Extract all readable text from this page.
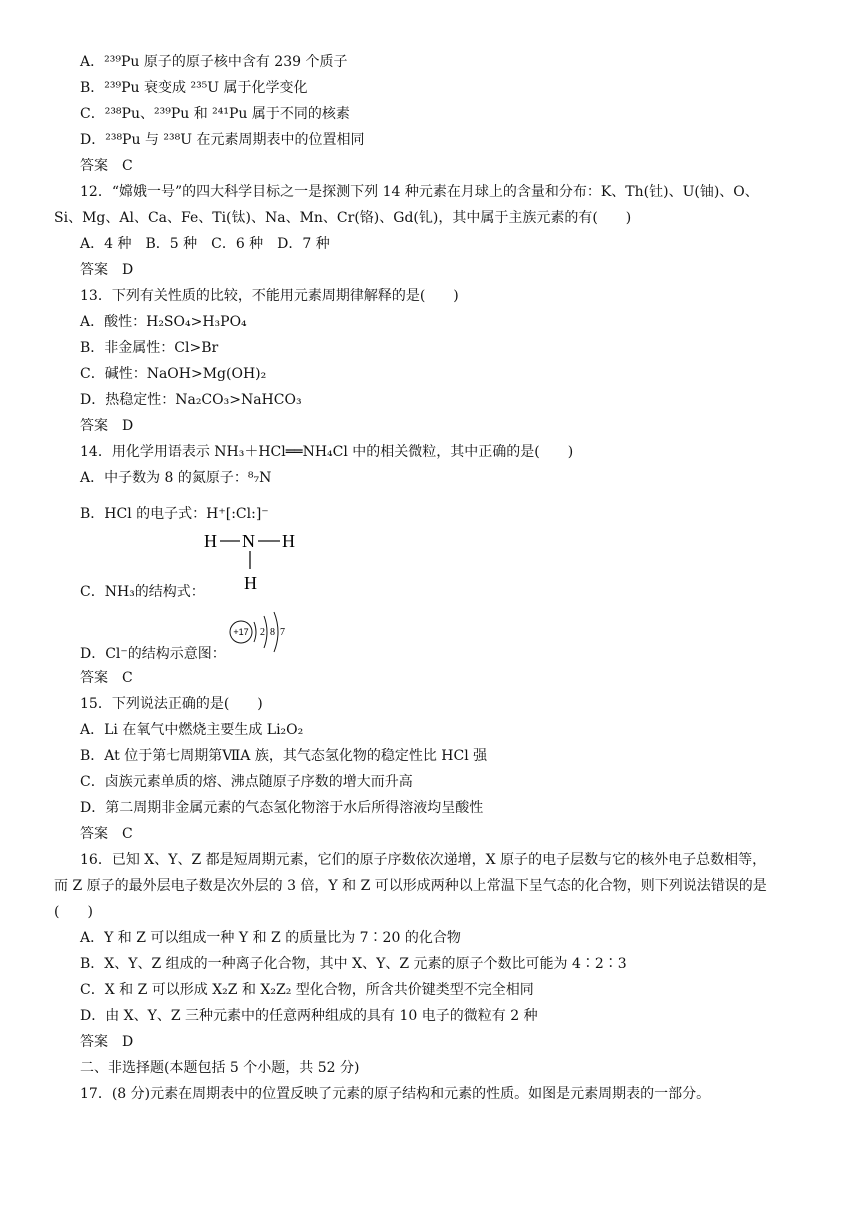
A．²³⁹Pu 原子的原子核中含有 239 个质子
B．²³⁹Pu 衰变成 ²³⁵U 属于化学变化
C．²³⁸Pu、²³⁹Pu 和 ²⁴¹Pu 属于不同的核素
D．²³⁸Pu 与 ²³⁸U 在元素周期表中的位置相同
答案　C
12．“嫦娥一号”的四大科学目标之一是探测下列 14 种元素在月球上的含量和分布：K、Th(钍)、U(铀)、O、
Si、Mg、Al、Ca、Fe、Ti(钛)、Na、Mn、Cr(铬)、Gd(钆)，其中属于主族元素的有(　　)
A．4 种　B．5 种　C．6 种　D．7 种
答案　D
13．下列有关性质的比较，不能用元素周期律解释的是(　　)
A．酸性：H₂SO₄>H₃PO₄
B．非金属性：Cl>Br
C．碱性：NaOH>Mg(OH)₂
D．热稳定性：Na₂CO₃>NaHCO₃
答案　D
14．用化学用语表示 NH₃＋HCl══NH₄Cl 中的相关微粒，其中正确的是(　　)
A．中子数为 8 的氮原子：⁸₇N
B．HCl 的电子式：H⁺[:Cl:]⁻
H N H
H
C．NH₃的结构式：
+17 2 8 7
D．Cl⁻的结构示意图：
答案　C
15．下列说法正确的是(　　)
A．Li 在氧气中燃烧主要生成 Li₂O₂
B．At 位于第七周期第ⅦA 族，其气态氢化物的稳定性比 HCl 强
C．卤族元素单质的熔、沸点随原子序数的增大而升高
D．第二周期非金属元素的气态氢化物溶于水后所得溶液均呈酸性
答案　C
16．已知 X、Y、Z 都是短周期元素，它们的原子序数依次递增，X 原子的电子层数与它的核外电子总数相等，
而 Z 原子的最外层电子数是次外层的 3 倍，Y 和 Z 可以形成两种以上常温下呈气态的化合物，则下列说法错误的是
(　　)
A．Y 和 Z 可以组成一种 Y 和 Z 的质量比为 7∶20 的化合物
B．X、Y、Z 组成的一种离子化合物，其中 X、Y、Z 元素的原子个数比可能为 4∶2∶3
C．X 和 Z 可以形成 X₂Z 和 X₂Z₂ 型化合物，所含共价键类型不完全相同
D．由 X、Y、Z 三种元素中的任意两种组成的具有 10 电子的微粒有 2 种
答案　D
二、非选择题(本题包括 5 个小题，共 52 分)
17．(8 分)元素在周期表中的位置反映了元素的原子结构和元素的性质。如图是元素周期表的一部分。
